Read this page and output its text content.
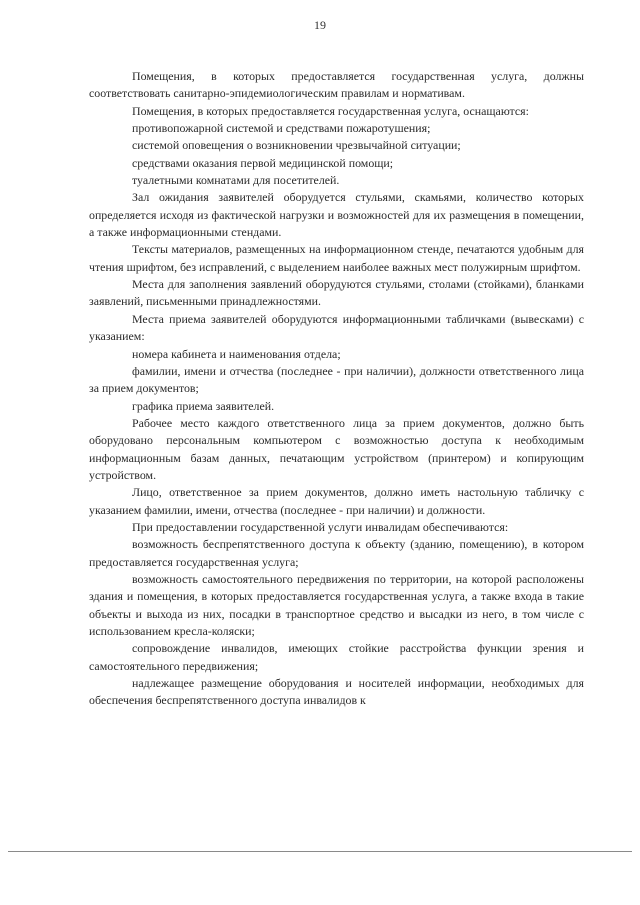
19

Помещения, в которых предоставляется государственная услуга, должны соответствовать санитарно-эпидемиологическим правилам и нормативам.

Помещения, в которых предоставляется государственная услуга, оснащаются:

противопожарной системой и средствами пожаротушения;

системой оповещения о возникновении чрезвычайной ситуации;

средствами оказания первой медицинской помощи;

туалетными комнатами для посетителей.

Зал ожидания заявителей оборудуется стульями, скамьями, количество которых определяется исходя из фактической нагрузки и возможностей для их размещения в помещении, а также информационными стендами.

Тексты материалов, размещенных на информационном стенде, печатаются удобным для чтения шрифтом, без исправлений, с выделением наиболее важных мест полужирным шрифтом.

Места для заполнения заявлений оборудуются стульями, столами (стойками), бланками заявлений, письменными принадлежностями.

Места приема заявителей оборудуются информационными табличками (вывесками) с указанием:

номера кабинета и наименования отдела;

фамилии, имени и отчества (последнее - при наличии), должности ответственного лица за прием документов;

графика приема заявителей.

Рабочее место каждого ответственного лица за прием документов, должно быть оборудовано персональным компьютером с возможностью доступа к необходимым информационным базам данных, печатающим устройством (принтером) и копирующим устройством.

Лицо, ответственное за прием документов, должно иметь настольную табличку с указанием фамилии, имени, отчества (последнее - при наличии) и должности.

При предоставлении государственной услуги инвалидам обеспечиваются:

возможность беспрепятственного доступа к объекту (зданию, помещению), в котором предоставляется государственная услуга;

возможность самостоятельного передвижения по территории, на которой расположены здания и помещения, в которых предоставляется государственная услуга, а также входа в такие объекты и выхода из них, посадки в транспортное средство и высадки из него, в том числе с использованием кресла-коляски;

сопровождение инвалидов, имеющих стойкие расстройства функции зрения и самостоятельного передвижения;

надлежащее размещение оборудования и носителей информации, необходимых для обеспечения беспрепятственного доступа инвалидов к
